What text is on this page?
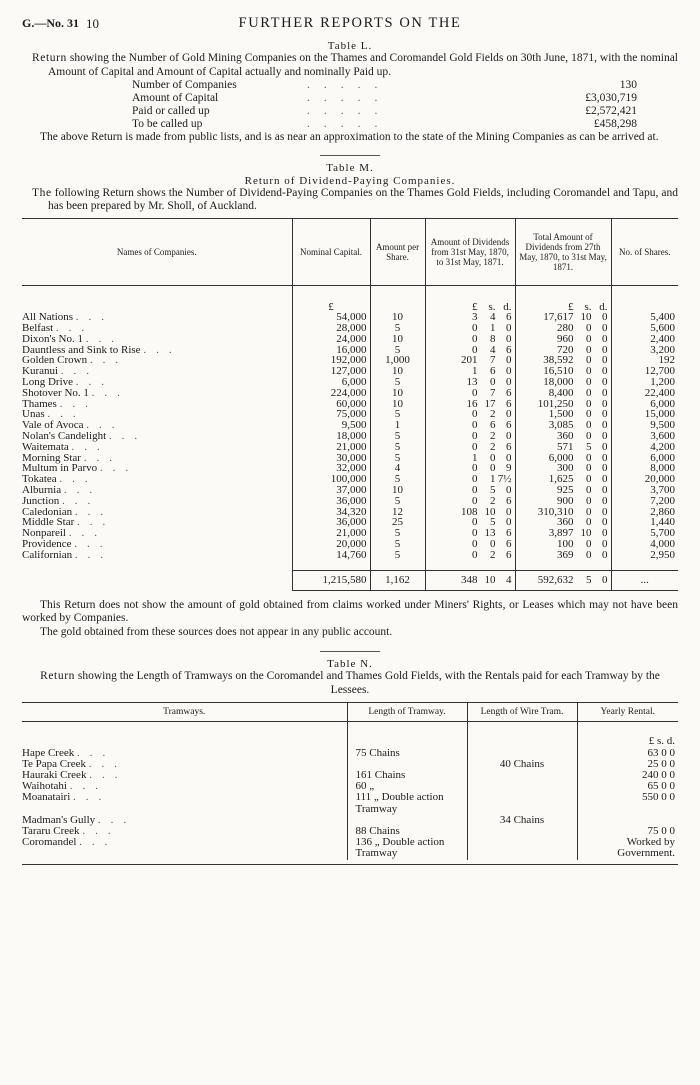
G.—No. 31 10	FURTHER REPORTS ON THE
Table L.
Return showing the Number of Gold Mining Companies on the Thames and Coromandel Gold Fields on 30th June, 1871, with the nominal Amount of Capital and Amount of Capital actually and nominally Paid up.
Number of Companies	.....	130
Amount of Capital	.....	£3,030,719
Paid or called up	.....	£2,572,421
To be called up	.....	£458,298
The above Return is made from public lists, and is as near an approximation to the state of the Mining Companies as can be arrived at.
Table M.
Return of Dividend-Paying Companies.
The following Return shows the Number of Dividend-Paying Companies on the Thames Gold Fields, including Coromandel and Tapu, and has been prepared by Mr. Sholl, of Auckland.
Names of Companies.	Nominal Capital.	Amount per Share.	Amount of Dividends from 31st May, 1870, to 31st May, 1871.	Total Amount of Dividends from 27th May, 1870, to 31st May, 1871.	No. of Shares.
	£		£ s. d.	£ s. d.	

All Nations ...	54,000	10	3 4 6	17,617 10 0	5,400
Belfast ...	28,000	5	0 1 0	280 0 0	5,600
Dixon's No. 1 ...	24,000	10	0 8 0	960 0 0	2,400
Dauntless and Sink to Rise ...	16,000	5	0 4 6	720 0 0	3,200
Golden Crown ...	192,000	1,000	201 7 0	38,592 0 0	192
Kuranui ...	127,000	10	1 6 0	16,510 0 0	12,700
Long Drive ...	6,000	5	13 0 0	18,000 0 0	1,200
Shotover No. 1 ...	224,000	10	0 7 6	8,400 0 0	22,400
Thames ...	60,000	10	16 17 6	101,250 0 0	6,000
Unas ...	75,000	5	0 2 0	1,500 0 0	15,000
Vale of Avoca ...	9,500	1	0 6 6	3,085 0 0	9,500
Nolan's Candelight ...	18,000	5	0 2 0	360 0 0	3,600
Waitemata ...	21,000	5	0 2 6	571 5 0	4,200
Morning Star ...	30,000	5	1 0 0	6,000 0 0	6,000
Multum in Parvo ...	32,000	4	0 0 9	300 0 0	8,000
Tokatea ...	100,000	5	0 1 7½	1,625 0 0	20,000
Alburnia ...	37,000	10	0 5 0	925 0 0	3,700
Junction ...	36,000	5	0 2 6	900 0 0	7,200
Caledonian ...	34,320	12	108 10 0	310,310 0 0	2,860
Middle Star ...	36,000	25	0 5 0	360 0 0	1,440
Nonpareil ...	21,000	5	0 13 6	3,897 10 0	5,700
Providence ...	20,000	5	0 0 6	100 0 0	4,000
Californian ...	14,760	5	0 2 6	369 0 0	2,950

	1,215,580	1,162	348 10 4	592,632 5 0	...
This Return does not show the amount of gold obtained from claims worked under Miners' Rights, or Leases which may not have been worked by Companies.
The gold obtained from these sources does not appear in any public account.
Table N.
Return showing the Length of Tramways on the Coromandel and Thames Gold Fields, with the Rentals paid for each Tramway by the Lessees.
Tramways.	Length of Tramway.	Length of Wire Tram.	Yearly Rental.
			£ s. d.
Hape Creek ...	75 Chains		63 0 0
Te Papa Creek ...		40 Chains	25 0 0
Hauraki Creek ...	161 Chains		240 0 0
Waihotahi ...	60 „		65 0 0
Moanatairi ...	111 „ Double action Tramway		550 0 0
Madman's Gully ...		34 Chains	
Tararu Creek ...	88 Chains		75 0 0
Coromandel ...	136 „ Double action Tramway		Worked by Government.
